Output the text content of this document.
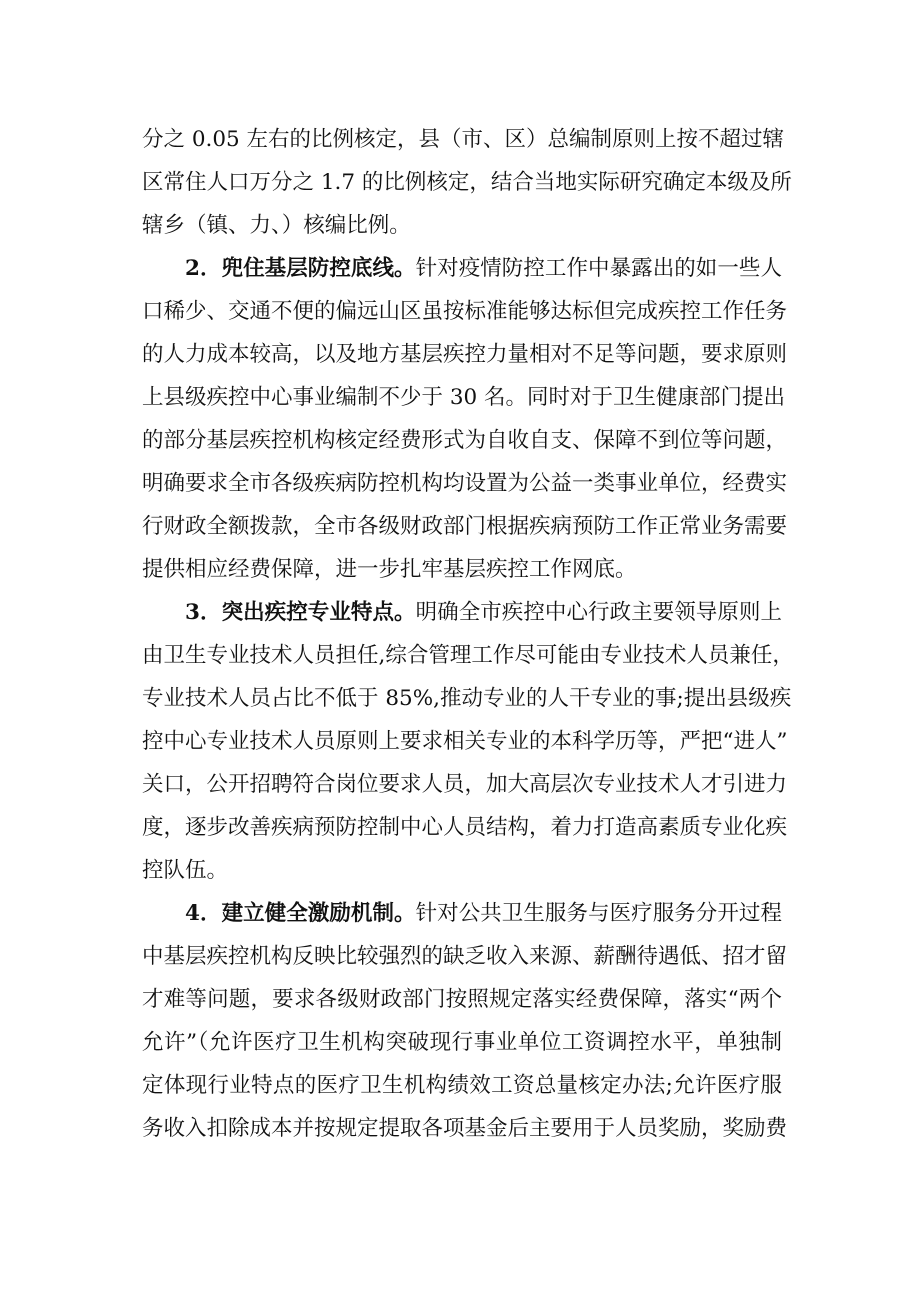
分之 0.05 左右的比例核定，县（市、区）总编制原则上按不超过辖
区常住人口万分之 1.7 的比例核定，结合当地实际研究确定本级及所
辖乡（镇、力、）核编比例。
2．兜住基层防控底线。针对疫情防控工作中暴露出的如一些人
口稀少、交通不便的偏远山区虽按标准能够达标但完成疾控工作任务
的人力成本较高，以及地方基层疾控力量相对不足等问题，要求原则
上县级疾控中心事业编制不少于 30 名。同时对于卫生健康部门提出
的部分基层疾控机构核定经费形式为自收自支、保障不到位等问题，
明确要求全市各级疾病防控机构均设置为公益一类事业单位，经费实
行财政全额拨款，全市各级财政部门根据疾病预防工作正常业务需要
提供相应经费保障，进一步扎牢基层疾控工作网底。
3．突出疾控专业特点。明确全市疾控中心行政主要领导原则上
由卫生专业技术人员担任,综合管理工作尽可能由专业技术人员兼任，
专业技术人员占比不低于 85%,推动专业的人干专业的事;提出县级疾
控中心专业技术人员原则上要求相关专业的本科学历等，严把“进人”
关口，公开招聘符合岗位要求人员，加大高层次专业技术人才引进力
度，逐步改善疾病预防控制中心人员结构，着力打造高素质专业化疾
控队伍。
4．建立健全激励机制。针对公共卫生服务与医疗服务分开过程
中基层疾控机构反映比较强烈的缺乏收入来源、薪酬待遇低、招才留
才难等问题，要求各级财政部门按照规定落实经费保障，落实“两个
允许”（允许医疗卫生机构突破现行事业单位工资调控水平，单独制
定体现行业特点的医疗卫生机构绩效工资总量核定办法;允许医疗服
务收入扣除成本并按规定提取各项基金后主要用于人员奖励，奖励费
